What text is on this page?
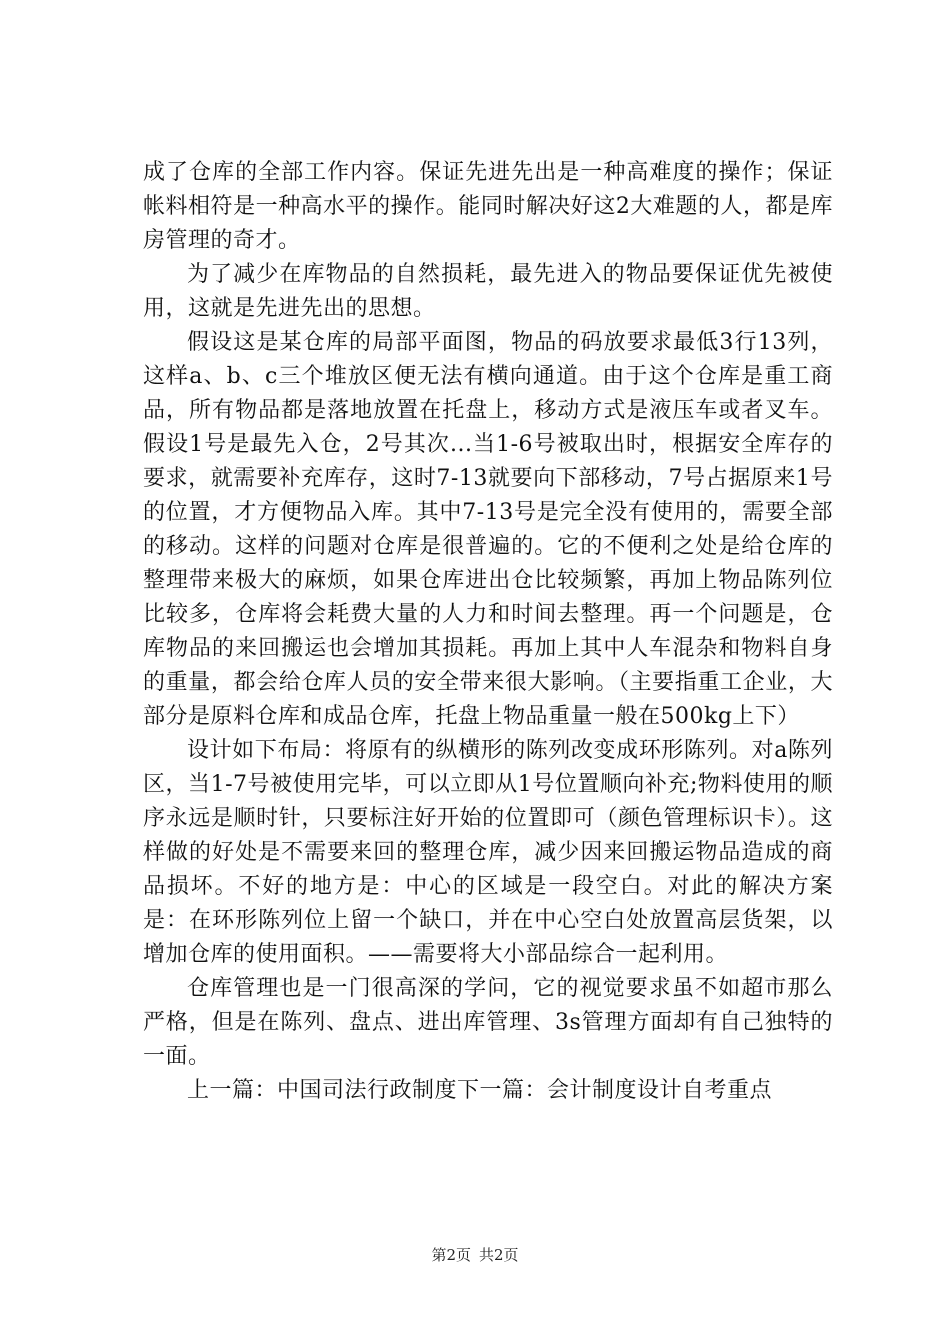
成了仓库的全部工作内容。保证先进先出是一种高难度的操作；保证帐料相符是一种高水平的操作。能同时解决好这2大难题的人，都是库房管理的奇才。

为了减少在库物品的自然损耗，最先进入的物品要保证优先被使用，这就是先进先出的思想。

假设这是某仓库的局部平面图，物品的码放要求最低3行13列，这样a、b、c三个堆放区便无法有横向通道。由于这个仓库是重工商品，所有物品都是落地放置在托盘上，移动方式是液压车或者叉车。假设1号是最先入仓，2号其次...当1-6号被取出时，根据安全库存的要求，就需要补充库存，这时7-13就要向下部移动，7号占据原来1号的位置，才方便物品入库。其中7-13号是完全没有使用的，需要全部的移动。这样的问题对仓库是很普遍的。它的不便利之处是给仓库的整理带来极大的麻烦，如果仓库进出仓比较频繁，再加上物品陈列位比较多，仓库将会耗费大量的人力和时间去整理。再一个问题是，仓库物品的来回搬运也会增加其损耗。再加上其中人车混杂和物料自身的重量，都会给仓库人员的安全带来很大影响。（主要指重工企业，大部分是原料仓库和成品仓库，托盘上物品重量一般在500kg上下）

设计如下布局：将原有的纵横形的陈列改变成环形陈列。对a陈列区，当1-7号被使用完毕，可以立即从1号位置顺向补充;物料使用的顺序永远是顺时针，只要标注好开始的位置即可（颜色管理标识卡）。这样做的好处是不需要来回的整理仓库，减少因来回搬运物品造成的商品损坏。不好的地方是：中心的区域是一段空白。对此的解决方案是：在环形陈列位上留一个缺口，并在中心空白处放置高层货架，以增加仓库的使用面积。——需要将大小部品综合一起利用。

仓库管理也是一门很高深的学问，它的视觉要求虽不如超市那么严格，但是在陈列、盘点、进出库管理、3s管理方面却有自己独特的一面。

上一篇：中国司法行政制度下一篇：会计制度设计自考重点

第2页 共2页
